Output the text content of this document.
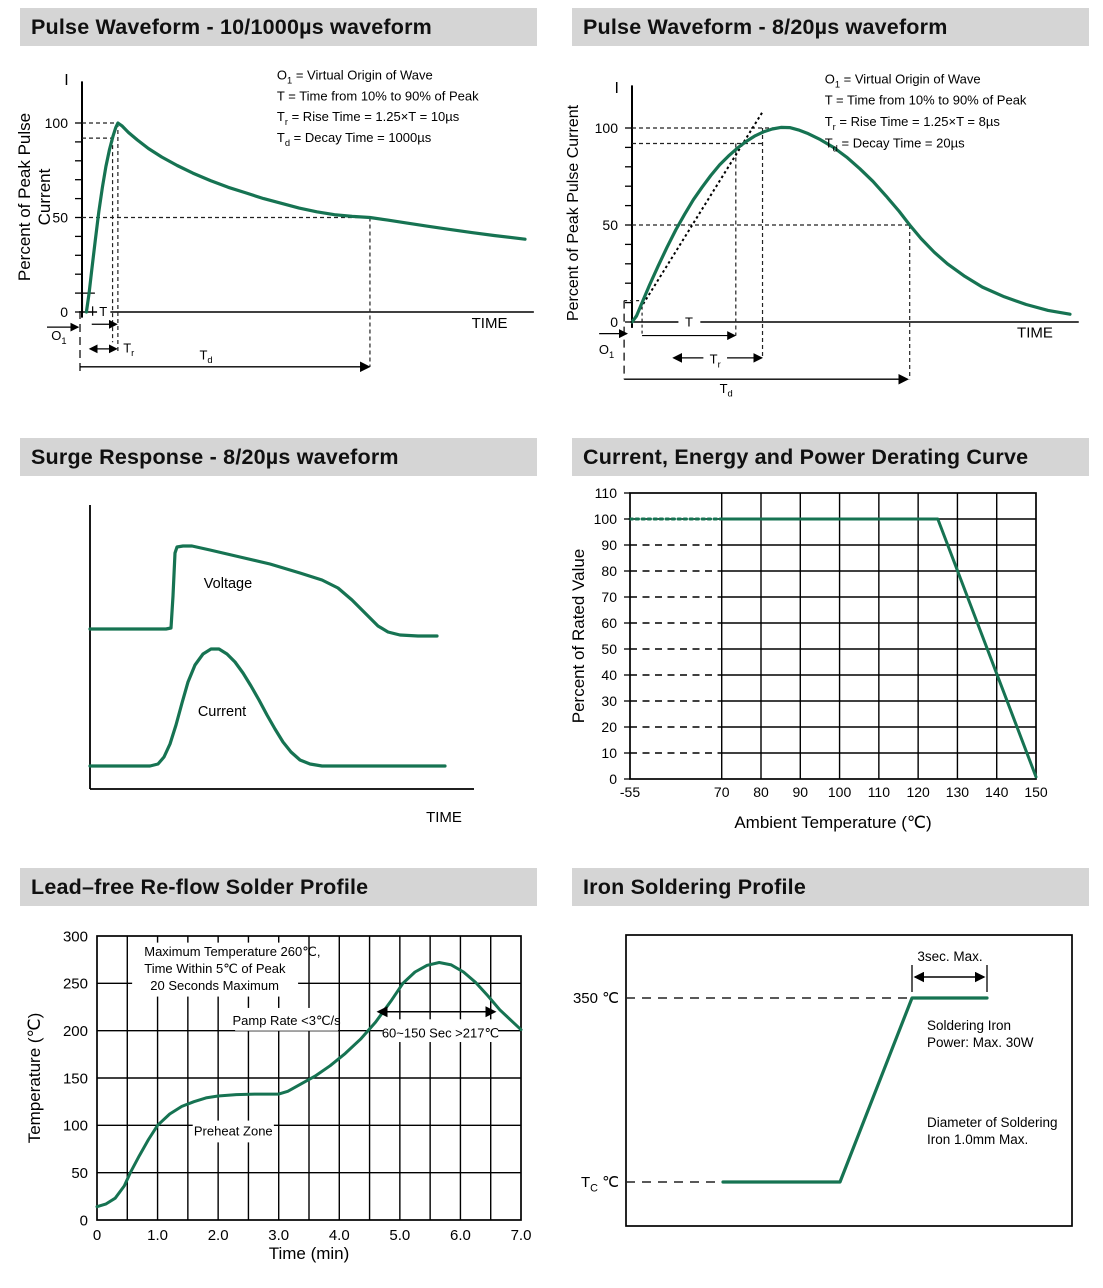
Pulse Waveform - 10/1000µs waveform
I	$O_1$ = Virtual Origin of Wave
T = Time from 10% to 90% of Peak
$T_r$ = Rise Time = 1.25×T = 10µs
$T_d$ = Decay Time = 1000µs
T
$T_r$	$T_d$
$O_1$
TIME
0
50
100
Percent of Peak Pulse Current
Pulse Waveform - 8/20µs waveform
I
$O_1$ = Virtual Origin of Wave
T = Time from 10% to 90% of Peak
$T_r$ = Rise Time = 1.25×T = 8µs
$T_d$ = Decay Time = 20µs
T
$T_r$
$T_d$
$O_1$
TIME
0
50
100
Percent of Peak Pulse Current
Surge Response - 8/20µs waveform
Voltage
Current
TIME
Current, Energy and Power Derating Curve
0
10
20
30
40
50
60
70
80
90
100
110
-55	70 80 90 100 110 120 130 140 150
Ambient Temperature (℃)
Percent of Rated Value
Lead–free Re-flow Solder Profile
Maximum Temperature 260℃,
Time Within 5℃ of Peak
20 Seconds Maximum
Pamp Rate <3℃/s
60~150 Sec >217℃
Preheat Zone
0
50
100
150
200
250
300
0	1.0	2.0	3.0	4.0	5.0	6.0	7.0
Time (min)
Temperature (℃)
Iron Soldering Profile
3sec. Max.
350 ℃
$T_C$ ℃
Soldering Iron
Power: Max. 30W
Diameter of Soldering
Iron 1.0mm Max.
